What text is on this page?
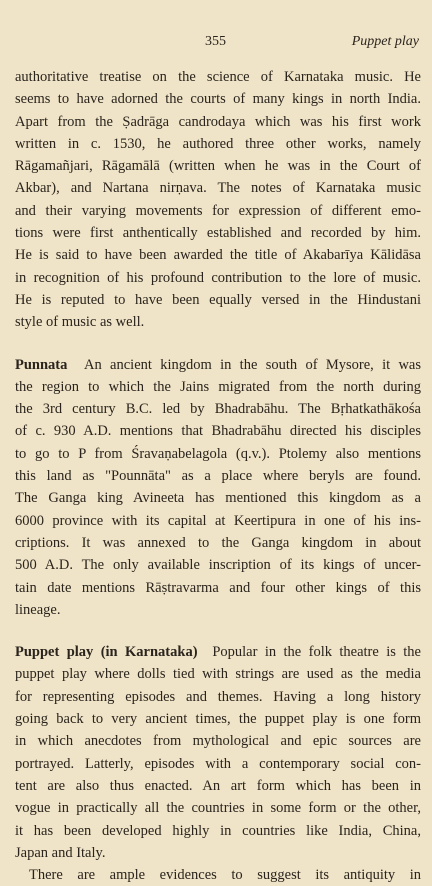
355	Puppet play
authoritative treatise on the science of Karnataka music. He
seems to have adorned the courts of many kings in north India.
Apart from the Ṣadrāga candrodaya which was his first work
written in c. 1530, he authored three other works, namely
Rāgamañjari, Rāgamālā (written when he was in the Court of
Akbar), and Nartana nirṇava. The notes of Karnataka music
and their varying movements for expression of different emo-
tions were first anthentically established and recorded by him.
He is said to have been awarded the title of Akabarīya Kālidāsa
in recognition of his profound contribution to the lore of music.
He is reputed to have been equally versed in the Hindustani
style of music as well.
Punnata An ancient kingdom in the south of Mysore, it was
the region to which the Jains migrated from the north during
the 3rd century B.C. led by Bhadrabāhu. The Bṛhatkathākośa
of c. 930 A.D. mentions that Bhadrabāhu directed his disciples
to go to P from Śravaṇabelagola (q.v.). Ptolemy also mentions
this land as "Pounnāta" as a place where beryls are found.
The Ganga king Avineeta has mentioned this kingdom as a
6000 province with its capital at Keertipura in one of his ins-
criptions. It was annexed to the Ganga kingdom in about
500 A.D. The only available inscription of its kings of uncer-
tain date mentions Rāṣtravarma and four other kings of this
lineage.
Puppet play (in Karnataka) Popular in the folk theatre is the
puppet play where dolls tied with strings are used as the media
for representing episodes and themes. Having a long history
going back to very ancient times, the puppet play is one form
in which anecdotes from mythological and epic sources are
portrayed. Latterly, episodes with a contemporary social con-
tent are also thus enacted. An art form which has been in
vogue in practically all the countries in some form or the other,
it has been developed highly in countries like India, China,
Japan and Italy.
There are ample evidences to suggest its antiquity in
